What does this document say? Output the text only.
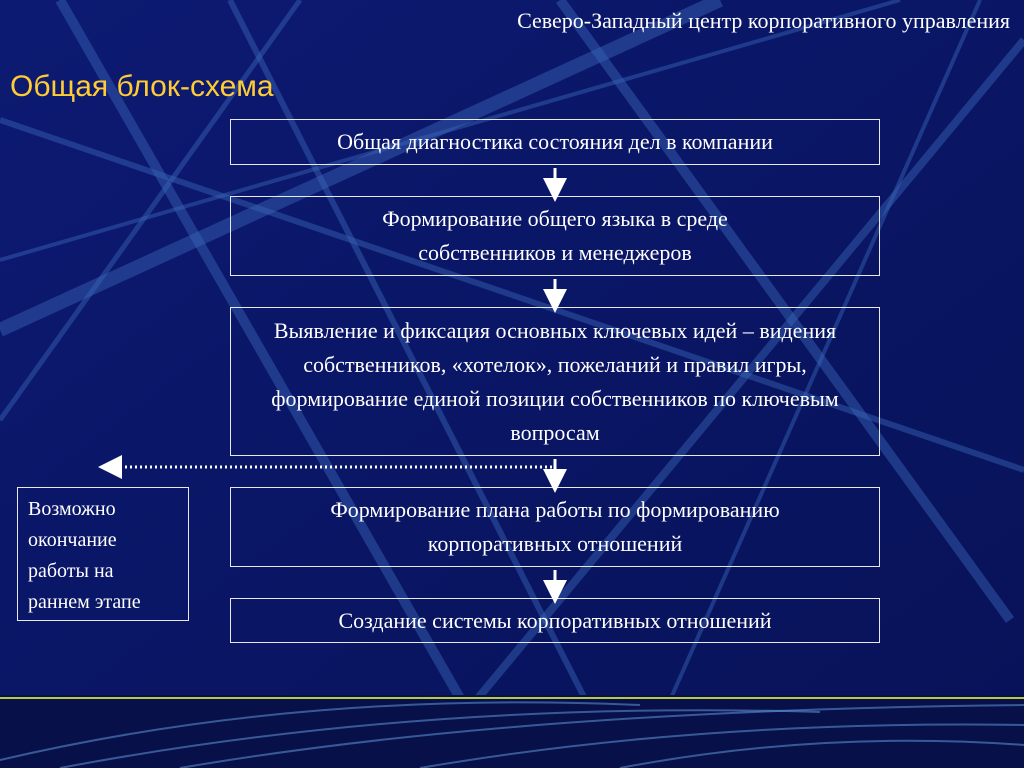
Северо-Западный центр корпоративного управления
Общая блок-схема
Общая диагностика состояния дел в компании
Формирование общего языка в среде собственников и менеджеров
Выявление и фиксация основных ключевых идей – видения собственников, «хотелок», пожеланий и правил игры, формирование единой позиции собственников по ключевым вопросам
Формирование плана работы по формированию корпоративных отношений
Создание системы корпоративных отношений
Возможно окончание работы на раннем этапе
